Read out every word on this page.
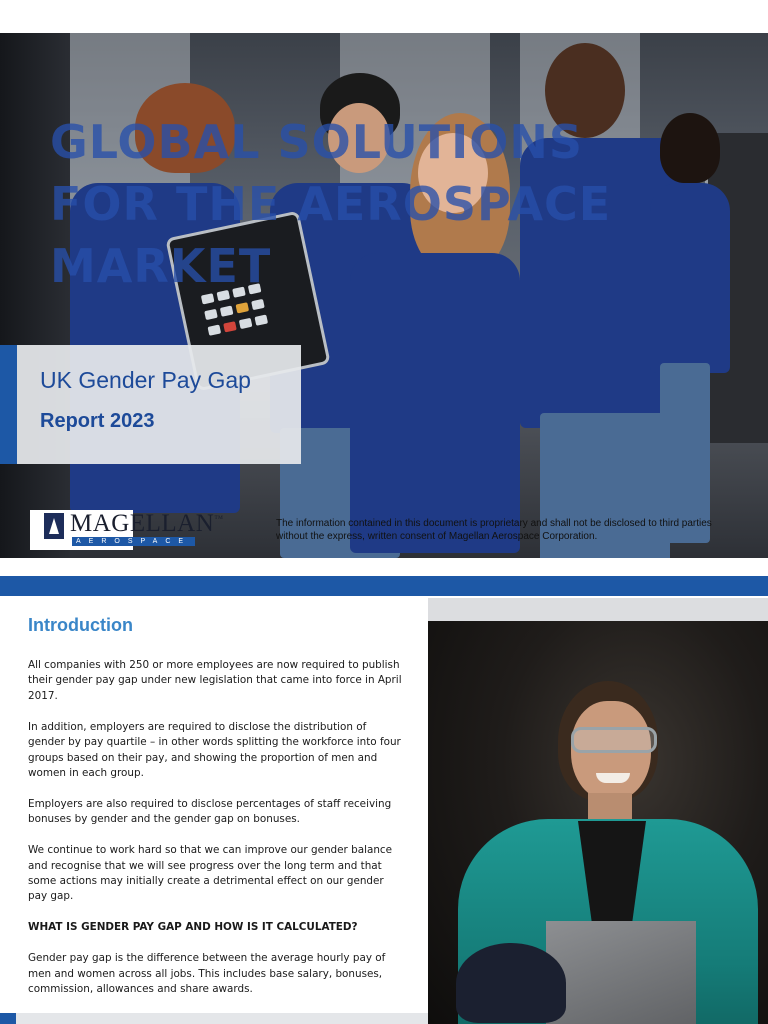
GLOBAL SOLUTIONS
FOR THE AEROSPACE
MARKET
UK Gender Pay Gap
Report 2023
MAGELLAN™
AEROSPACE

The information contained in this document is proprietary and shall not be disclosed to third parties without the express, written consent of Magellan Aerospace Corporation.

Introduction

All companies with 250 or more employees are now required to publish their gender pay gap under new legislation that came into force in April 2017.

In addition, employers are required to disclose the distribution of gender by pay quartile – in other words splitting the workforce into four groups based on their pay, and showing the proportion of men and women in each group.

Employers are also required to disclose percentages of staff receiving bonuses by gender and the gender gap on bonuses.

We continue to work hard so that we can improve our gender balance and recognise that we will see progress over the long term and that some actions may initially create a detrimental effect on our gender pay gap.

WHAT IS GENDER PAY GAP AND HOW IS IT CALCULATED?

Gender pay gap is the difference between the average hourly pay of men and women across all jobs. This includes base salary, bonuses, commission, allowances and share awards.
